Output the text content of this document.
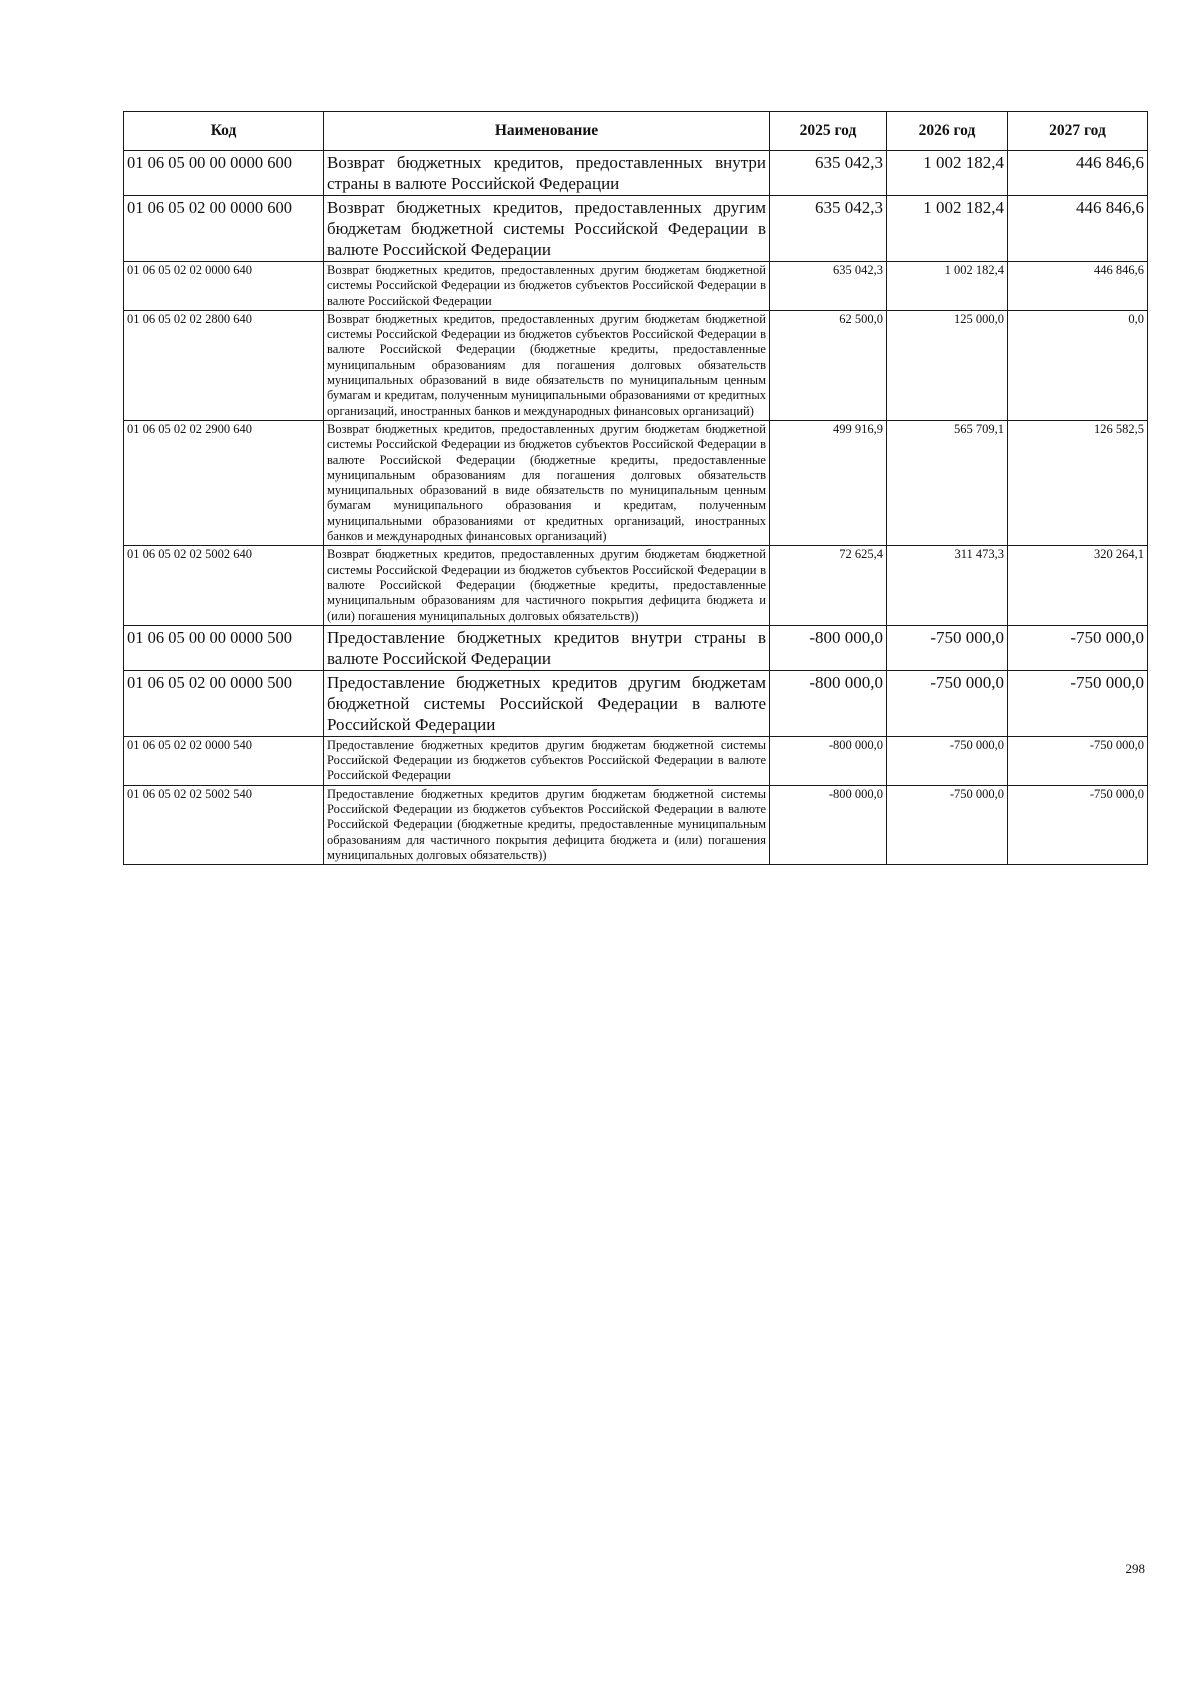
Код	Наименование	2025 год	2026 год	2027 год
01 06 05 00 00 0000 600	Возврат бюджетных кредитов, предоставленных внутри страны в валюте Российской Федерации	635 042,3	1 002 182,4	446 846,6
01 06 05 02 00 0000 600	Возврат бюджетных кредитов, предоставленных другим бюджетам бюджетной системы Российской Федерации в валюте Российской Федерации	635 042,3	1 002 182,4	446 846,6
01 06 05 02 02 0000 640	Возврат бюджетных кредитов, предоставленных другим бюджетам бюджетной системы Российской Федерации из бюджетов субъектов Российской Федерации в валюте Российской Федерации	635 042,3	1 002 182,4	446 846,6
01 06 05 02 02 2800 640	Возврат бюджетных кредитов, предоставленных другим бюджетам бюджетной системы Российской Федерации из бюджетов субъектов Российской Федерации в валюте Российской Федерации (бюджетные кредиты, предоставленные муниципальным образованиям для погашения долговых обязательств муниципальных образований в виде обязательств по муниципальным ценным бумагам и кредитам, полученным муниципальными образованиями от кредитных организаций, иностранных банков и международных финансовых организаций)	62 500,0	125 000,0	0,0
01 06 05 02 02 2900 640	Возврат бюджетных кредитов, предоставленных другим бюджетам бюджетной системы Российской Федерации из бюджетов субъектов Российской Федерации в валюте Российской Федерации (бюджетные кредиты, предоставленные муниципальным образованиям для погашения долговых обязательств муниципальных образований в виде обязательств по муниципальным ценным бумагам муниципального образования и кредитам, полученным муниципальными образованиями от кредитных организаций, иностранных банков и международных финансовых организаций)	499 916,9	565 709,1	126 582,5
01 06 05 02 02 5002 640	Возврат бюджетных кредитов, предоставленных другим бюджетам бюджетной системы Российской Федерации из бюджетов субъектов Российской Федерации в валюте Российской Федерации (бюджетные кредиты, предоставленные муниципальным образованиям для частичного покрытия дефицита бюджета и (или) погашения муниципальных долговых обязательств))	72 625,4	311 473,3	320 264,1
01 06 05 00 00 0000 500	Предоставление бюджетных кредитов внутри страны в валюте Российской Федерации	-800 000,0	-750 000,0	-750 000,0
01 06 05 02 00 0000 500	Предоставление бюджетных кредитов другим бюджетам бюджетной системы Российской Федерации в валюте Российской Федерации	-800 000,0	-750 000,0	-750 000,0
01 06 05 02 02 0000 540	Предоставление бюджетных кредитов другим бюджетам бюджетной системы Российской Федерации из бюджетов субъектов Российской Федерации в валюте Российской Федерации	-800 000,0	-750 000,0	-750 000,0
01 06 05 02 02 5002 540	Предоставление бюджетных кредитов другим бюджетам бюджетной системы Российской Федерации из бюджетов субъектов Российской Федерации в валюте Российской Федерации (бюджетные кредиты, предоставленные муниципальным образованиям для частичного покрытия дефицита бюджета и (или) погашения муниципальных долговых обязательств))	-800 000,0	-750 000,0	-750 000,0
298
